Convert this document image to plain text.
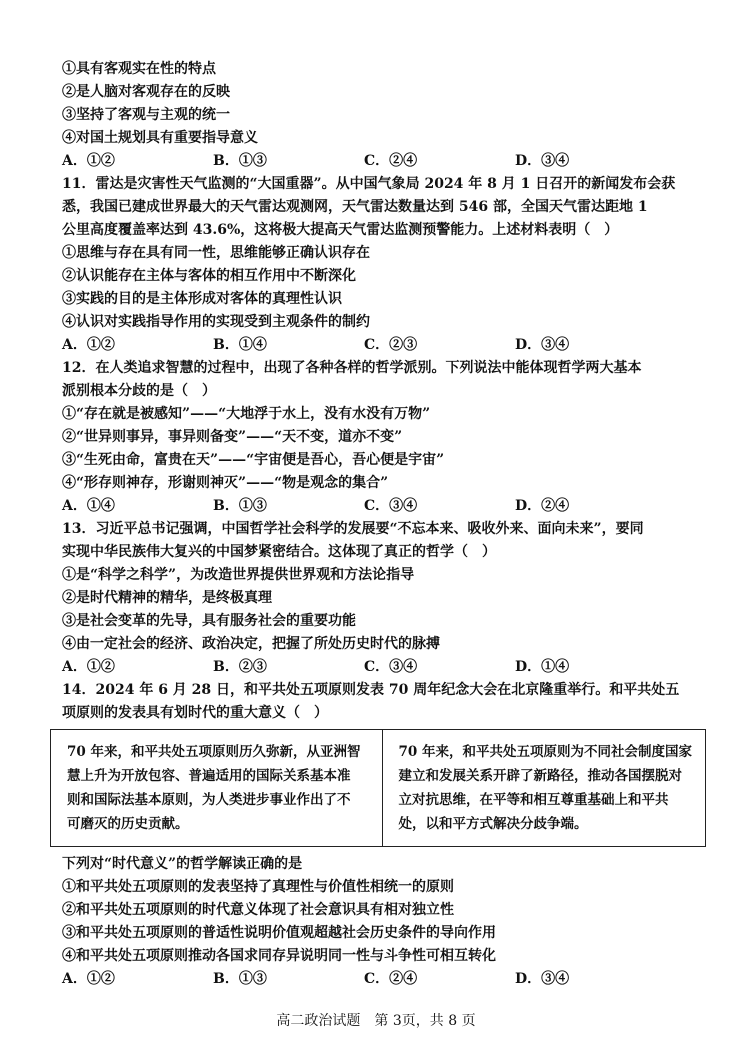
①具有客观实在性的特点
②是人脑对客观存在的反映
③坚持了客观与主观的统一
④对国土规划具有重要指导意义
A．①②	B．①③	C．②④	D．③④
11．雷达是灾害性天气监测的“大国重器”。从中国气象局 2024 年 8 月 1 日召开的新闻发布会获
悉，我国已建成世界最大的天气雷达观测网，天气雷达数量达到 546 部，全国天气雷达距地 1
公里高度覆盖率达到 43.6%，这将极大提高天气雷达监测预警能力。上述材料表明（　）
①思维与存在具有同一性，思维能够正确认识存在
②认识能存在主体与客体的相互作用中不断深化
③实践的目的是主体形成对客体的真理性认识
④认识对实践指导作用的实现受到主观条件的制约
A．①②	B．①④	C．②③	D．③④
12．在人类追求智慧的过程中，出现了各种各样的哲学派别。下列说法中能体现哲学两大基本
派别根本分歧的是（　）
①“存在就是被感知”——“大地浮于水上，没有水没有万物”
②“世异则事异，事异则备变”——“天不变，道亦不变”
③“生死由命，富贵在天”——“宇宙便是吾心，吾心便是宇宙”
④“形存则神存，形谢则神灭”——“物是观念的集合”
A．①④	B．①③	C．③④	D．②④
13．习近平总书记强调，中国哲学社会科学的发展要“不忘本来、吸收外来、面向未来”，要同
实现中华民族伟大复兴的中国梦紧密结合。这体现了真正的哲学（　）
①是“科学之科学”，为改造世界提供世界观和方法论指导
②是时代精神的精华，是终极真理
③是社会变革的先导，具有服务社会的重要功能
④由一定社会的经济、政治决定，把握了所处历史时代的脉搏
A．①②	B．②③	C．③④	D．①④
14．2024 年 6 月 28 日，和平共处五项原则发表 70 周年纪念大会在北京隆重举行。和平共处五
项原则的发表具有划时代的重大意义（　）
70 年来，和平共处五项原则历久弥新，从亚洲智慧上升为开放包容、普遍适用的国际关系基本准则和国际法基本原则，为人类进步事业作出了不可磨灭的历史贡献。
70 年来，和平共处五项原则为不同社会制度国家建立和发展关系开辟了新路径，推动各国摆脱对立对抗思维，在平等和相互尊重基础上和平共处，以和平方式解决分歧争端。
下列对“时代意义”的哲学解读正确的是
①和平共处五项原则的发表坚持了真理性与价值性相统一的原则
②和平共处五项原则的时代意义体现了社会意识具有相对独立性
③和平共处五项原则的普适性说明价值观超越社会历史条件的导向作用
④和平共处五项原则推动各国求同存异说明同一性与斗争性可相互转化
A．①②	B．①③	C．②④	D．③④
高二政治试题　第 3页，共 8 页
